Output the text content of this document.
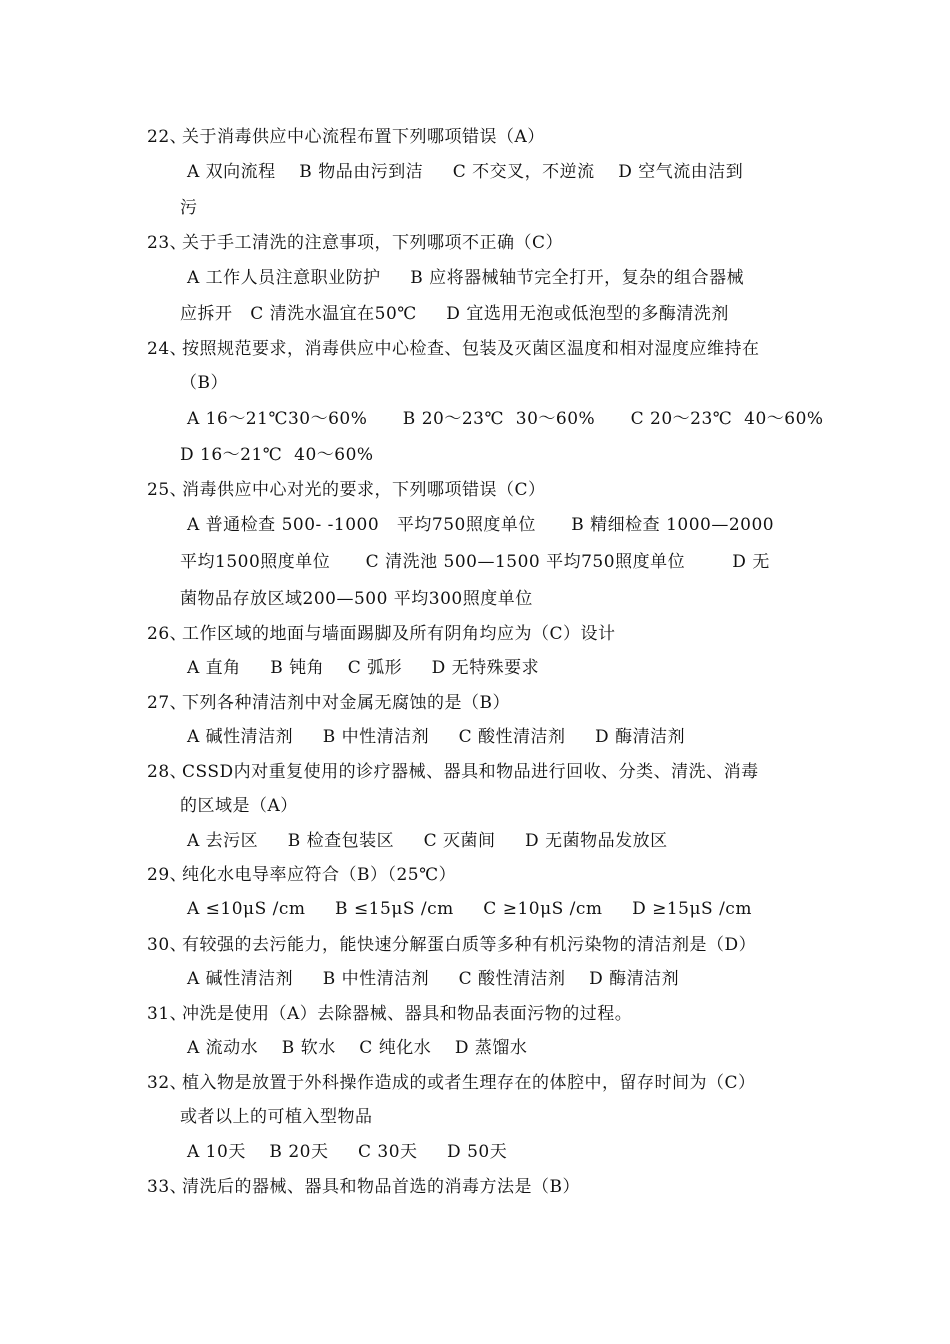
22、
关于消毒供应中心流程布置下列哪项错误（A）
A 双向流程    B 物品由污到洁     C 不交叉，不逆流    D 空气流由洁到
污
23、
关于手工清洗的注意事项，下列哪项不正确（C）
A 工作人员注意职业防护     B 应将器械轴节完全打开，复杂的组合器械
应拆开   C 清洗水温宜在50℃     D 宜选用无泡或低泡型的多酶清洗剂
24、
按照规范要求，消毒供应中心检查、包装及灭菌区温度和相对湿度应维持在
（B）
A 16～21℃30～60%      B 20～23℃  30～60%      C 20～23℃  40～60%
D 16～21℃  40～60%
25、
消毒供应中心对光的要求，下列哪项错误（C）
A 普通检查 500- -1000   平均750照度单位      B 精细检查 1000—2000
平均1500照度单位      C 清洗池 500—1500 平均750照度单位        D 无
菌物品存放区域200—500 平均300照度单位
26、
工作区域的地面与墙面踢脚及所有阴角均应为（C）设计
A 直角     B 钝角    C 弧形     D 无特殊要求
27、
下列各种清洁剂中对金属无腐蚀的是（B）
A 碱性清洁剂     B 中性清洁剂     C 酸性清洁剂     D 酶清洁剂
28、
CSSD内对重复使用的诊疗器械、器具和物品进行回收、分类、清洗、消毒
的区域是（A）
A 去污区     B 检查包装区     C 灭菌间     D 无菌物品发放区
29、
纯化水电导率应符合（B）（25℃）
A ≤10μS /cm     B ≤15μS /cm     C ≥10μS /cm     D ≥15μS /cm
30、
有较强的去污能力，能快速分解蛋白质等多种有机污染物的清洁剂是（D）
A 碱性清洁剂     B 中性清洁剂     C 酸性清洁剂    D 酶清洁剂
31、
冲洗是使用（A）去除器械、器具和物品表面污物的过程。
A 流动水    B 软水    C 纯化水    D 蒸馏水
32、
植入物是放置于外科操作造成的或者生理存在的体腔中，留存时间为（C）
或者以上的可植入型物品
A 10天    B 20天     C 30天     D 50天
33、
清洗后的器械、器具和物品首选的消毒方法是（B）
